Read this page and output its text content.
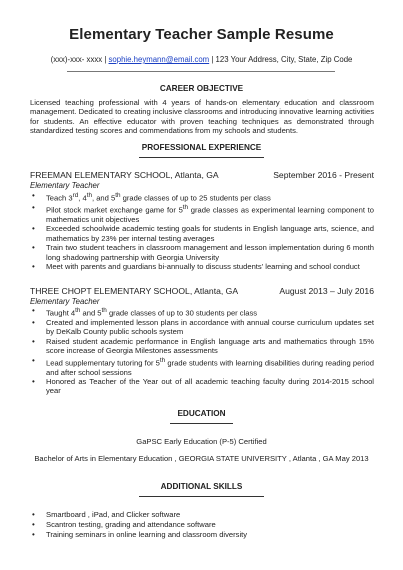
Elementary Teacher Sample Resume
(xxx)-xxx- xxxx | sophie.heymann@email.com | 123 Your Address, City, State, Zip Code
CAREER OBJECTIVE
Licensed teaching professional with 4 years of hands-on elementary education and classroom management. Dedicated to creating inclusive classrooms and introducing innovative learning activities for students. An effective educator with proven teaching techniques as demonstrated through standardized testing scores and commendations from my schools and students.
PROFESSIONAL EXPERIENCE
FREEMAN ELEMENTARY SCHOOL, Atlanta, GA	September 2016 - Present
Elementary Teacher
• Teach 3rd, 4th, and 5th grade classes of up to 25 students per class
• Pilot stock market exchange game for 5th grade classes as experimental learning component to mathematics unit objectives
• Exceeded schoolwide academic testing goals for students in English language arts, science, and mathematics by 23% per internal testing averages
• Train two student teachers in classroom management and lesson implementation during 6 month long shadowing partnership with Georgia University
• Meet with parents and guardians bi-annually to discuss students' learning and school conduct
THREE CHOPT ELEMENTARY SCHOOL, Atlanta, GA	August 2013 – July 2016
Elementary Teacher
• Taught 4th and 5th grade classes of up to 30 students per class
• Created and implemented lesson plans in accordance with annual course curriculum updates set by DeKalb County public schools system
• Raised student academic performance in English language arts and mathematics through 15% score increase of Georgia Milestones assessments
• Lead supplementary tutoring for 5th grade students with learning disabilities during reading period and after school sessions
• Honored as Teacher of the Year out of all academic teaching faculty during 2014-2015 school year
EDUCATION
GaPSC Early Education (P-5) Certified
Bachelor of Arts in Elementary Education , GEORGIA STATE UNIVERSITY , Atlanta , GA May 2013
ADDITIONAL SKILLS
• Smartboard , iPad, and Clicker software
• Scantron testing, grading and attendance software
• Training seminars in online learning and classroom diversity
